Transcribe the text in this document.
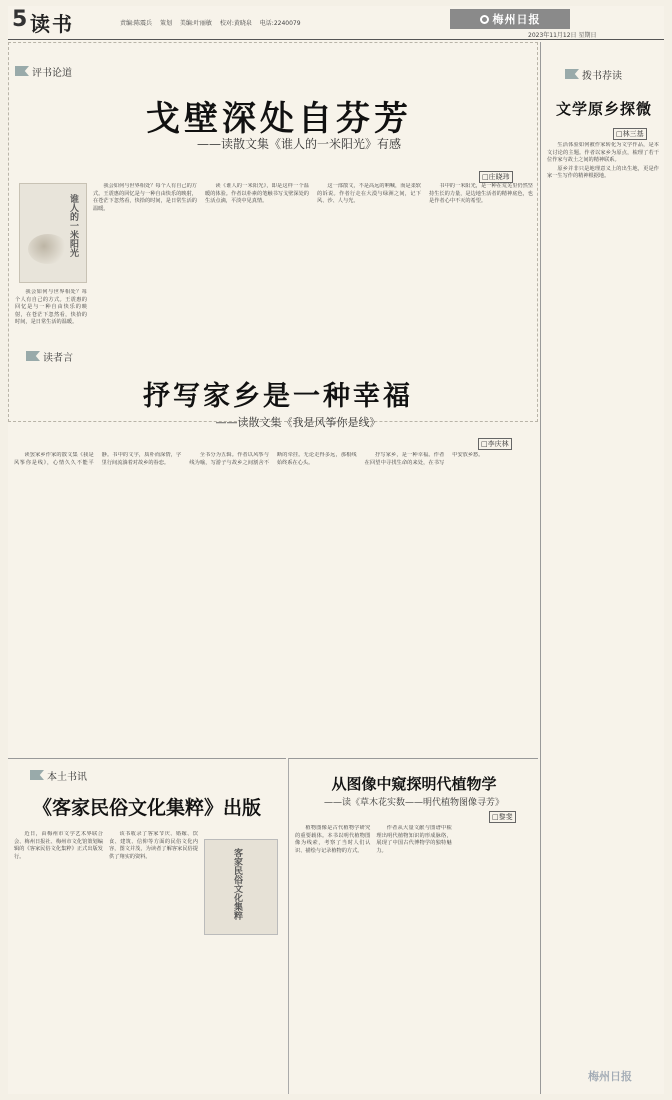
5 读书	责编:陈震兵 策划 美编:叶丽敏 校对:黄晓泉 电话:2240079	梅州日报
2023年11月12日 星期日
评书论道
戈壁深处自芬芳
——读散文集《谁人的一米阳光》有感
□庄晓玮
谁人的一米阳光

我会如何与世界相处？每个人有自己的方式。王震惠的回忆是与一种自由快乐的映射，在苍茫下忽然看，快拾的时间，是日常生活的温暖。

读《谁人的一米阳光》，即是这样一个温暖的体验。作者以朴素的笔触书写戈壁深处的生活点滴，平淡中见真情。

这一部散文，不是高远的呐喊，而是柔软的诉说。作者行走在大漠与绿洲之间，记下风、沙、人与光。

书中的一米阳光，是一种在荒芜里仍然坚持生长的力量，是边地生活者的精神底色，也是作者心中不灭的希望。

我会如何与世界相处？每个人有自己的方式。王震惠的回忆是与一种自由快乐的映射，在苍茫下忽然看，快拾的时间，是日常生活的温暖。

拨书荐读
文学原乡探微
□林三基

生活体验如何被作家转化为文学作品，是本文讨论的主题。作者以家乡为原点，梳理了若干位作家与故土之间的精神联系。

原乡并非只是地理意义上的出生地，更是作家一生写作的精神根据地。

读者言
抒写家乡是一种幸福
——读散文集《我是风筝你是线》
□李庆林

读罢家乡作家的散文集《我是风筝你是线》，心情久久不能平静。书中的文字，质朴而深情，字里行间流淌着对故乡的眷恋。

全书分为五辑。作者以风筝与线为喻，写游子与故乡之间割舍不断的牵挂。无论走得多远，那根线始终系在心头。

抒写家乡，是一种幸福。作者在回望中寻找生命的来处，在书写中安放乡愁。

本土书讯
《客家民俗文化集粹》出版
客家民俗文化集粹

近日，由梅州市文学艺术界联合会、梅州日报社、梅州市文化馆策划编辑的《客家民俗文化集粹》正式出版发行。

该书收录了客家节庆、婚嫁、饮食、建筑、信仰等方面的民俗文化内容，图文并茂，为读者了解客家民俗提供了翔实的资料。

从图像中窥探明代植物学
——读《草木花实数——明代植物图像寻芳》
□黎斐

植物图像是古代植物学研究的重要载体。本书以明代植物图像为线索，考察了当时人们认识、描绘与记录植物的方式。

作者从大量文献与图谱中梳理出明代植物知识的形成脉络，展现了中国古代博物学的独特魅力。

梅州日报
